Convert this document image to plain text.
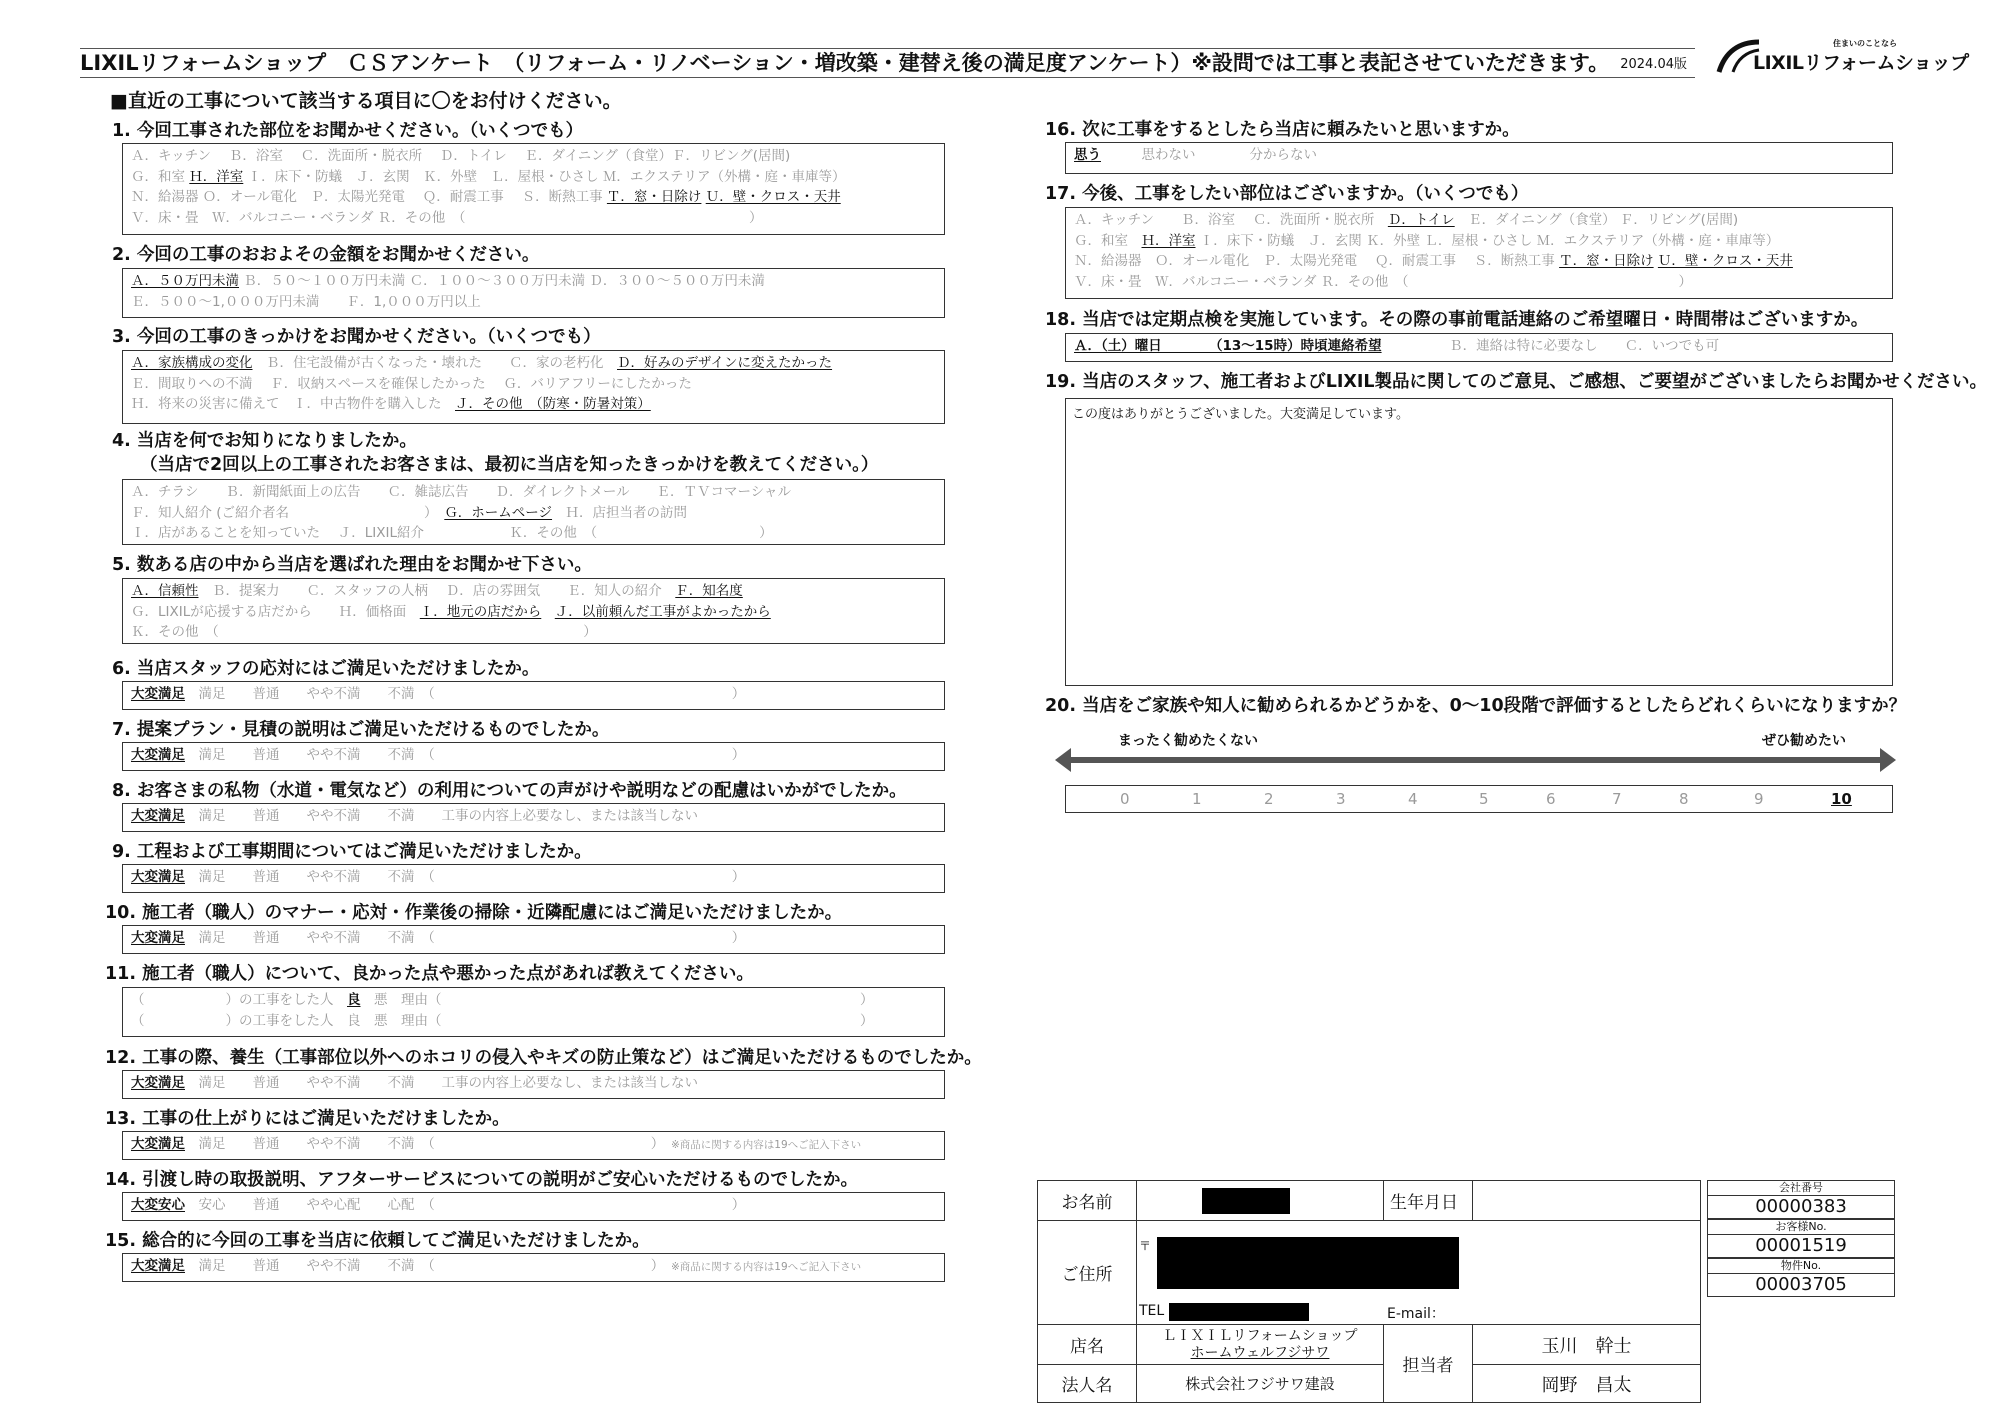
LIXILリフォームショップ　ＣＳアンケート　（リフォーム・リノベーション・増改築・建替え後の満足度アンケート）※設問では工事と表記させていただきます。 2024.04版
住まいのことなら
LIXILリフォームショップ
■直近の工事について該当する項目に〇をお付けください。
1. 今回工事された部位をお聞かせください。（いくつでも）
Ａ．キッチン　 Ｂ．浴室　 Ｃ．洗面所・脱衣所　 Ｄ．トイレ　 Ｅ．ダイニング（食堂）Ｆ．リビング(居間)
Ｇ．和室 Ｈ．洋室 Ｉ．床下・防蟻　Ｊ．玄関　Ｋ．外壁　Ｌ．屋根・ひさし Ｍ．エクステリア（外構・庭・車庫等）
Ｎ．給湯器 Ｏ．オール電化　Ｐ．太陽光発電　 Ｑ．耐震工事　 Ｓ．断熱工事 Ｔ．窓・日除け Ｕ．壁・クロス・天井
Ｖ．床・畳　Ｗ．バルコニー・ベランダ Ｒ．その他　（　　　　　　　　　　　　　　　　　　　　　）
2. 今回の工事のおおよその金額をお聞かせください。
Ａ．５０万円未満 Ｂ．５０～１００万円未満 Ｃ．１００～３００万円未満 Ｄ．３００～５００万円未満
Ｅ．５００～1,０００万円未満　　Ｆ．1,０００万円以上
3. 今回の工事のきっかけをお聞かせください。（いくつでも）
Ａ．家族構成の変化　 Ｂ．住宅設備が古くなった・壊れた　　Ｃ．家の老朽化　 Ｄ．好みのデザインに変えたかった
Ｅ．間取りへの不満　 Ｆ．収納スペースを確保したかった　 Ｇ．バリアフリーにしたかった
Ｈ．将来の災害に備えて　Ｉ．中古物件を購入した　 Ｊ．その他　（防寒・防暑対策）
4. 当店を何でお知りになりましたか。
（当店で2回以上の工事されたお客さまは、最初に当店を知ったきっかけを教えてください。）
Ａ．チラシ　　Ｂ．新聞紙面上の広告　　Ｃ．雑誌広告　　Ｄ．ダイレクトメール　　Ｅ．ＴＶコマーシャル
Ｆ．知人紹介 (ご紹介者名　　　　　　　　　　）　 Ｇ．ホームページ　 Ｈ．店担当者の訪問
Ｉ．店があることを知っていた　 Ｊ．LIXIL紹介　　　　　　 Ｋ．その他　（　　　　　　　　　　　　）
5. 数ある店の中から当店を選ばれた理由をお聞かせ下さい。
Ａ．信頼性　 Ｂ．提案力　　Ｃ．スタッフの人柄　 Ｄ．店の雰囲気　　Ｅ．知人の紹介　 Ｆ．知名度
Ｇ．LIXILが応援する店だから　　Ｈ．価格面　 Ｉ．地元の店だから　 Ｊ．以前頼んだ工事がよかったから
Ｋ．その他　（　　　　　　　　　　　　　　　　　　　　　　　　　　　）
6. 当店スタッフの応対にはご満足いただけましたか。
大変満足　 満足　　普通　　やや不満　　不満　（　　　　　　　　　　　　　　　　　　　　　　）
7. 提案プラン・見積の説明はご満足いただけるものでしたか。
大変満足　 満足　　普通　　やや不満　　不満　（　　　　　　　　　　　　　　　　　　　　　　）
8. お客さまの私物（水道・電気など）の利用についての声がけや説明などの配慮はいかがでしたか。
大変満足　 満足　　普通　　やや不満　　不満　　工事の内容上必要なし、または該当しない
9. 工程および工事期間についてはご満足いただけましたか。
大変満足　 満足　　普通　　やや不満　　不満　（　　　　　　　　　　　　　　　　　　　　　　）
10. 施工者（職人）のマナー・応対・作業後の掃除・近隣配慮にはご満足いただけましたか。
大変満足　 満足　　普通　　やや不満　　不満　（　　　　　　　　　　　　　　　　　　　　　　）
11. 施工者（職人）について、良かった点や悪かった点があれば教えてください。
（　　　　　　）の工事をした人　 良　 悪　理由（　　　　　　　　　　　　　　　　　　　　　　　　　　　　　　　）
（　　　　　　）の工事をした人　良　悪　理由（　　　　　　　　　　　　　　　　　　　　　　　　　　　　　　　）
12. 工事の際、養生（工事部位以外へのホコリの侵入やキズの防止策など）はご満足いただけるものでしたか。
大変満足　 満足　　普通　　やや不満　　不満　　工事の内容上必要なし、または該当しない
13. 工事の仕上がりにはご満足いただけましたか。
大変満足　 満足　　普通　　やや不満　　不満　（　　　　　　　　　　　　　　　　）　 ※商品に関する内容は19へご記入下さい
14. 引渡し時の取扱説明、アフターサービスについての説明がご安心いただけるものでしたか。
大変安心　 安心　　普通　　やや心配　　心配　（　　　　　　　　　　　　　　　　　　　　　　）
15. 総合的に今回の工事を当店に依頼してご満足いただけましたか。
大変満足　 満足　　普通　　やや不満　　不満　（　　　　　　　　　　　　　　　　）　 ※商品に関する内容は19へご記入下さい
16. 次に工事をするとしたら当店に頼みたいと思いますか。
思う　　　	思わない　　　　分からない
17. 今後、工事をしたい部位はございますか。（いくつでも）
Ａ．キッチン　　Ｂ．浴室　 Ｃ．洗面所・脱衣所　 Ｄ．トイレ　 Ｅ．ダイニング（食堂） Ｆ．リビング(居間)
Ｇ．和室　 Ｈ．洋室 Ｉ．床下・防蟻　Ｊ．玄関 Ｋ．外壁 Ｌ．屋根・ひさし Ｍ．エクステリア（外構・庭・車庫等）
Ｎ．給湯器　Ｏ．オール電化　Ｐ．太陽光発電　 Ｑ．耐震工事　 Ｓ．断熱工事 Ｔ．窓・日除け Ｕ．壁・クロス・天井
Ｖ．床・畳　Ｗ．バルコニー・ベランダ Ｒ．その他　（　　　　　　　　　　　　　　　　　　　　）
18. 当店では定期点検を実施しています。その際の事前電話連絡のご希望曜日・時間帯はございますか。
Ａ．（土）曜日　　　　（13～15時）時頃連絡希望　　　　　	Ｂ．連絡は特に必要なし　　Ｃ．いつでも可
19. 当店のスタッフ、施工者およびLIXIL製品に関してのご意見、ご感想、ご要望がございましたらお聞かせください。
この度はありがとうございました。大変満足しています。
20. 当店をご家族や知人に勧められるかどうかを、0～10段階で評価するとしたらどれくらいになりますか？
まったく勧めたくない	ぜひ勧めたい
0	1	2	3	4	5	6	7	8	9	10
お名前		生年月日	
ご住所	〒
TEL E-mail：		

店名	ＬＩＸＩＬリフォームショップ
ホームウェルフジサワ	担当者	玉川　幹士
法人名	株式会社フジサワ建設		岡野　昌太
会社番号
00000383
お客様No.
00001519
物件No.
00003705
